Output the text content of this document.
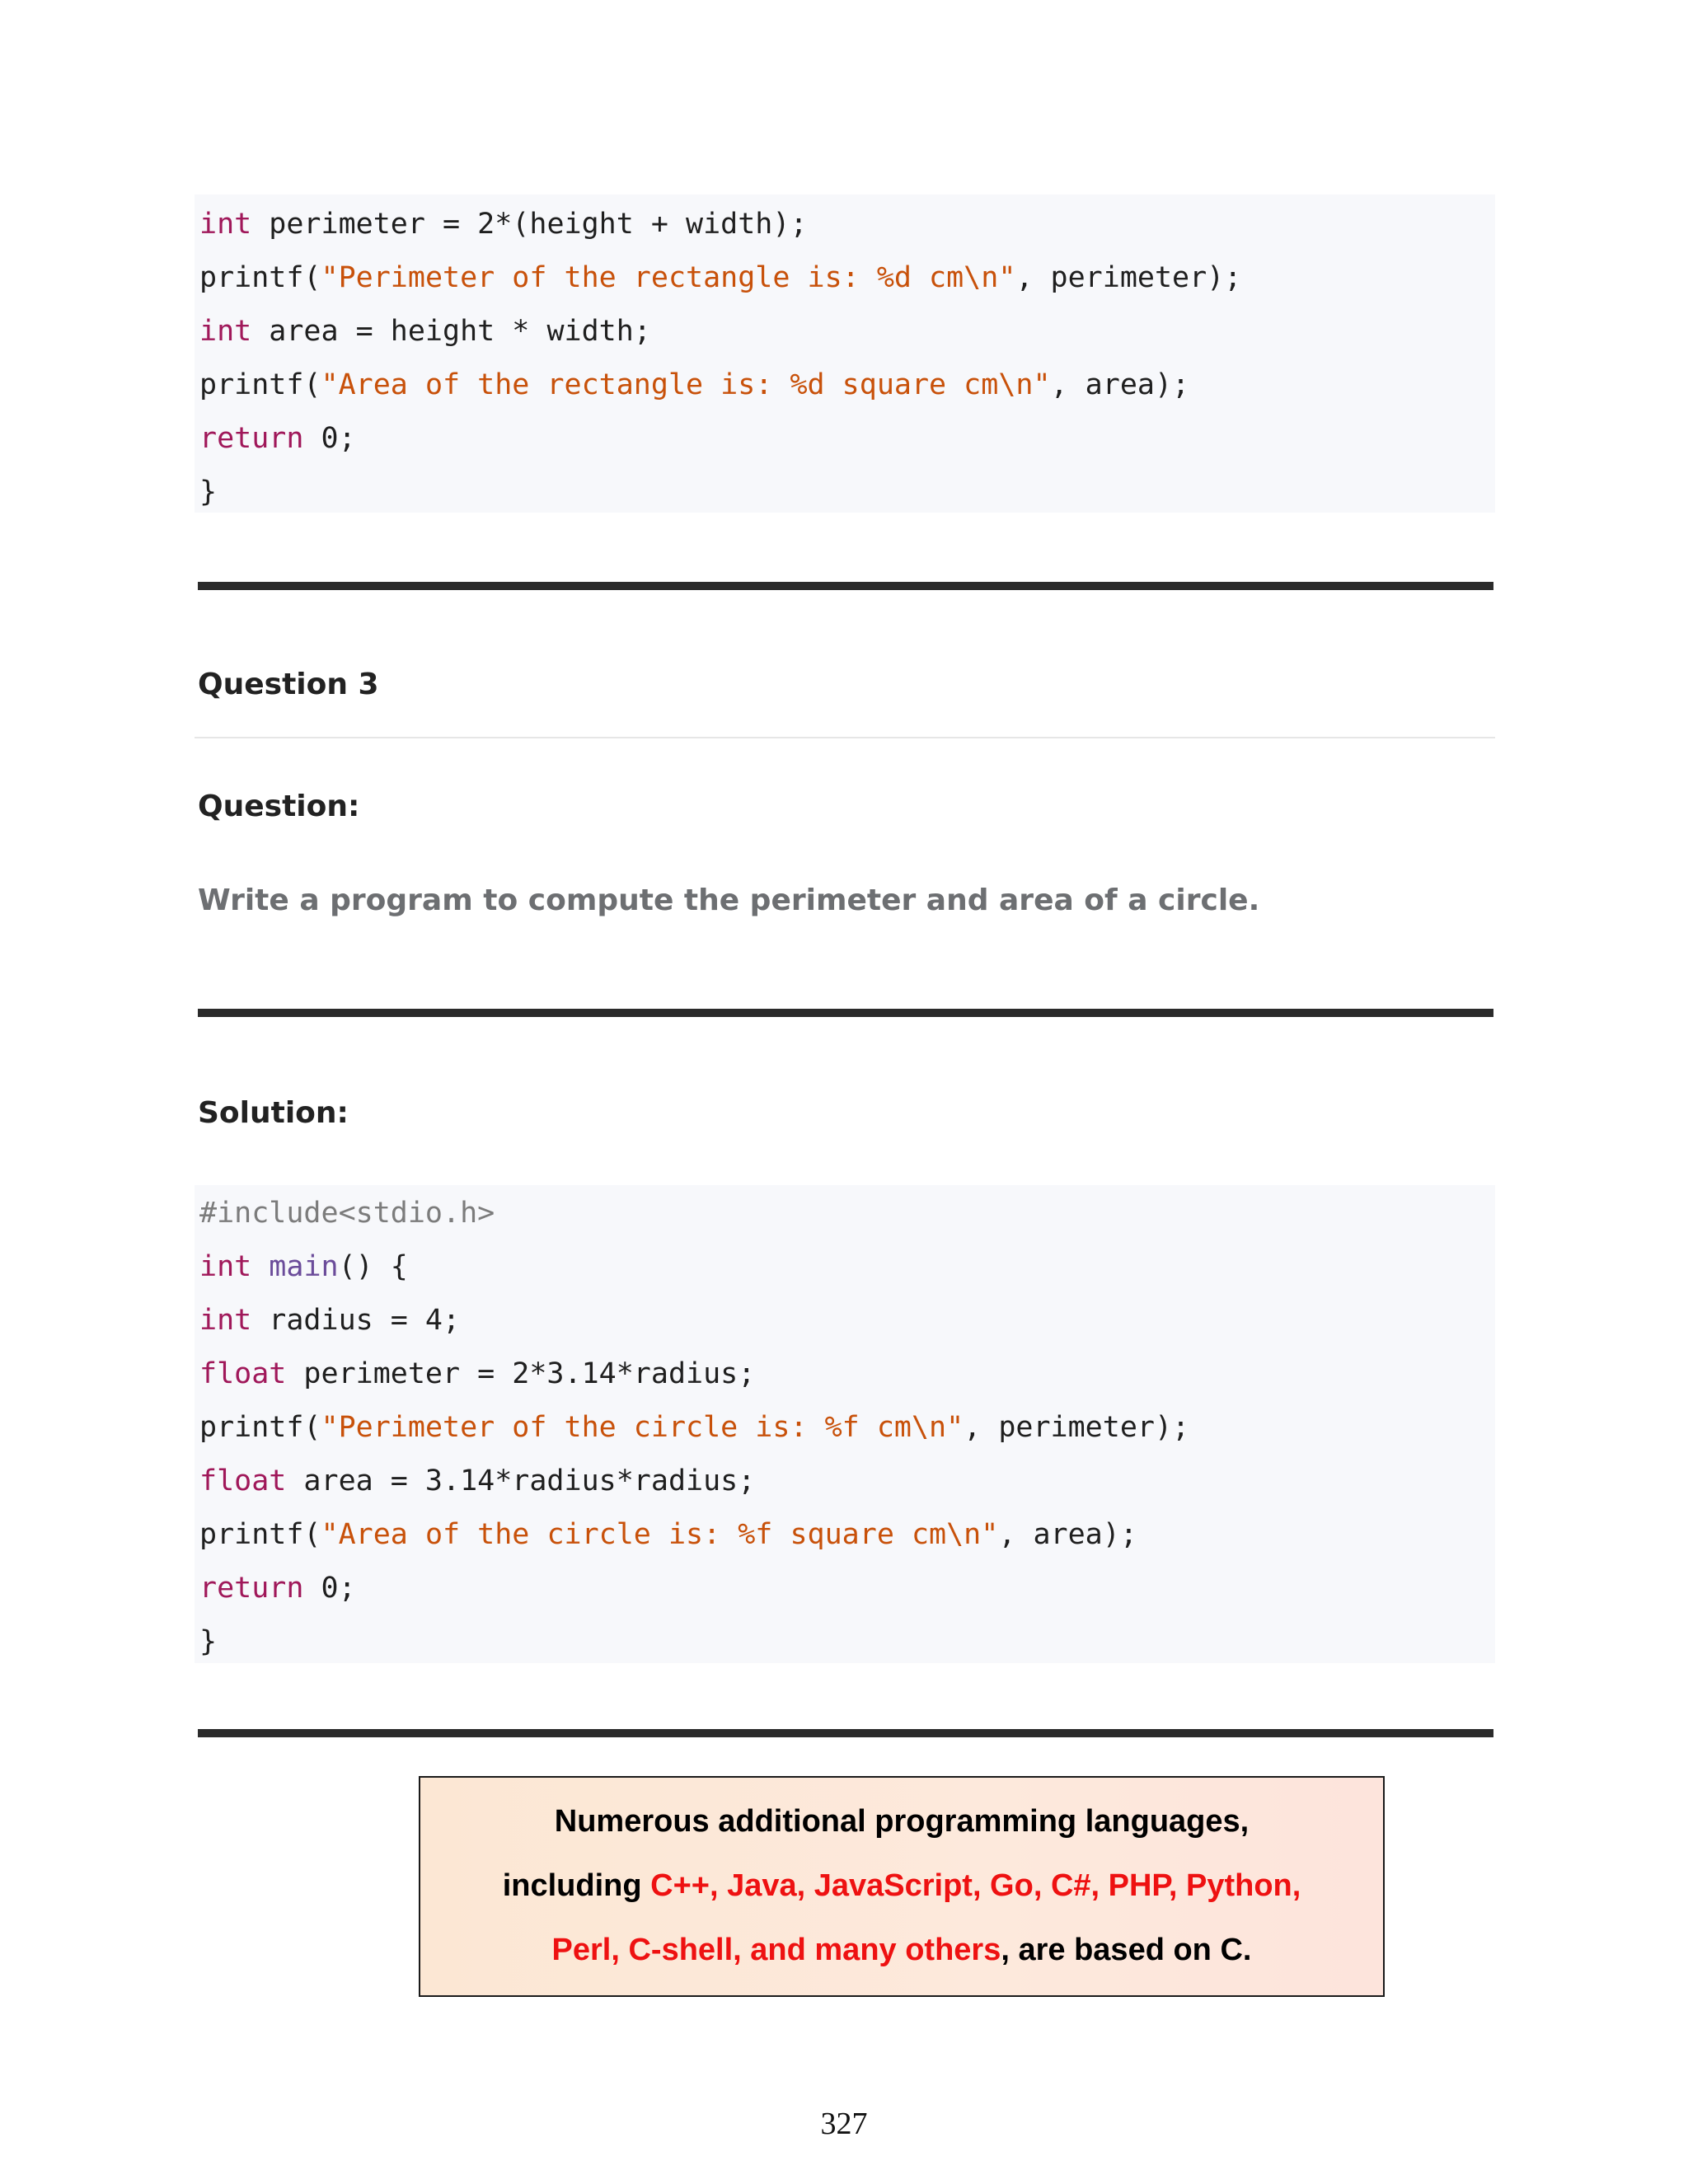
int perimeter = 2*(height + width);
printf("Perimeter of the rectangle is: %d cm\n", perimeter);
int area = height * width;
printf("Area of the rectangle is: %d square cm\n", area);
return 0;
}
Question 3
Question:
Write a program to compute the perimeter and area of a circle.
Solution:
#include<stdio.h>
int main() {
int radius = 4;
float perimeter = 2*3.14*radius;
printf("Perimeter of the circle is: %f cm\n", perimeter);
float area = 3.14*radius*radius;
printf("Area of the circle is: %f square cm\n", area);
return 0;
}
Numerous additional programming languages,
including C++, Java, JavaScript, Go, C#, PHP, Python,
Perl, C-shell, and many others, are based on C.
327
